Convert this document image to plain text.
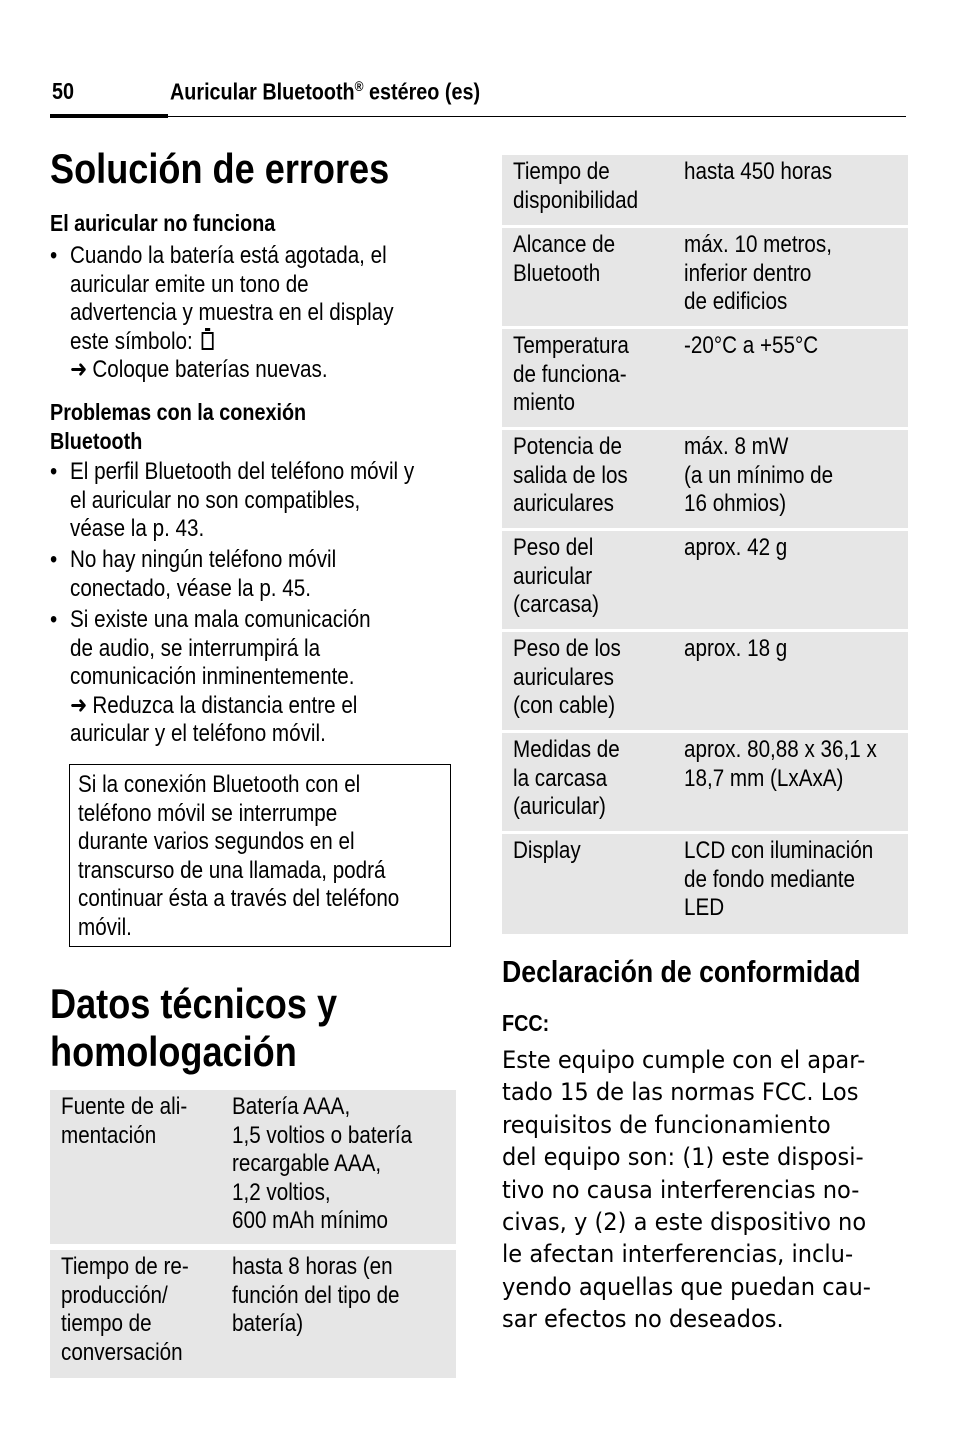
50	Auricular Bluetooth® estéreo (es)
Solución de errores
El auricular no funciona
• Cuando la batería está agotada, el
auricular emite un tono de
advertencia y muestra en el display
este símbolo:
➜ Coloque baterías nuevas.
Problemas con la conexión
Bluetooth
• El perfil Bluetooth del teléfono móvil y
el auricular no son compatibles,
véase la p. 43.
• No hay ningún teléfono móvil
conectado, véase la p. 45.
• Si existe una mala comunicación
de audio, se interrumpirá la
comunicación inminentemente.
➜ Reduzca la distancia entre el
auricular y el teléfono móvil.
Si la conexión Bluetooth con el
teléfono móvil se interrumpe
durante varios segundos en el
transcurso de una llamada, podrá
continuar ésta a través del teléfono
móvil.
Datos técnicos y
homologación
Fuente de ali-
mentación
Batería AAA,
1,5 voltios o batería
recargable AAA,
1,2 voltios,
600 mAh mínimo
Tiempo de re-
producción/
tiempo de
conversación
hasta 8 horas (en
función del tipo de
batería)
Tiempo de
disponibilidad
hasta 450 horas
Alcance de
Bluetooth
máx. 10 metros,
inferior dentro
de edificios
Temperatura
de funciona-
miento
-20°C a +55°C
Potencia de
salida de los
auriculares
máx. 8 mW
(a un mínimo de
16 ohmios)
Peso del
auricular
(carcasa)
aprox. 42 g
Peso de los
auriculares
(con cable)
aprox. 18 g
Medidas de
la carcasa
(auricular)
aprox. 80,88 x 36,1 x
18,7 mm (LxAxA)
Display	LCD con iluminación
de fondo mediante
LED
Declaración de conformidad
FCC:
Este equipo cumple con el apar-
tado 15 de las normas FCC. Los
requisitos de funcionamiento
del equipo son: (1) este disposi-
tivo no causa interferencias no-
civas, y (2) a este dispositivo no
le afectan interferencias, inclu-
yendo aquellas que puedan cau-
sar efectos no deseados.
